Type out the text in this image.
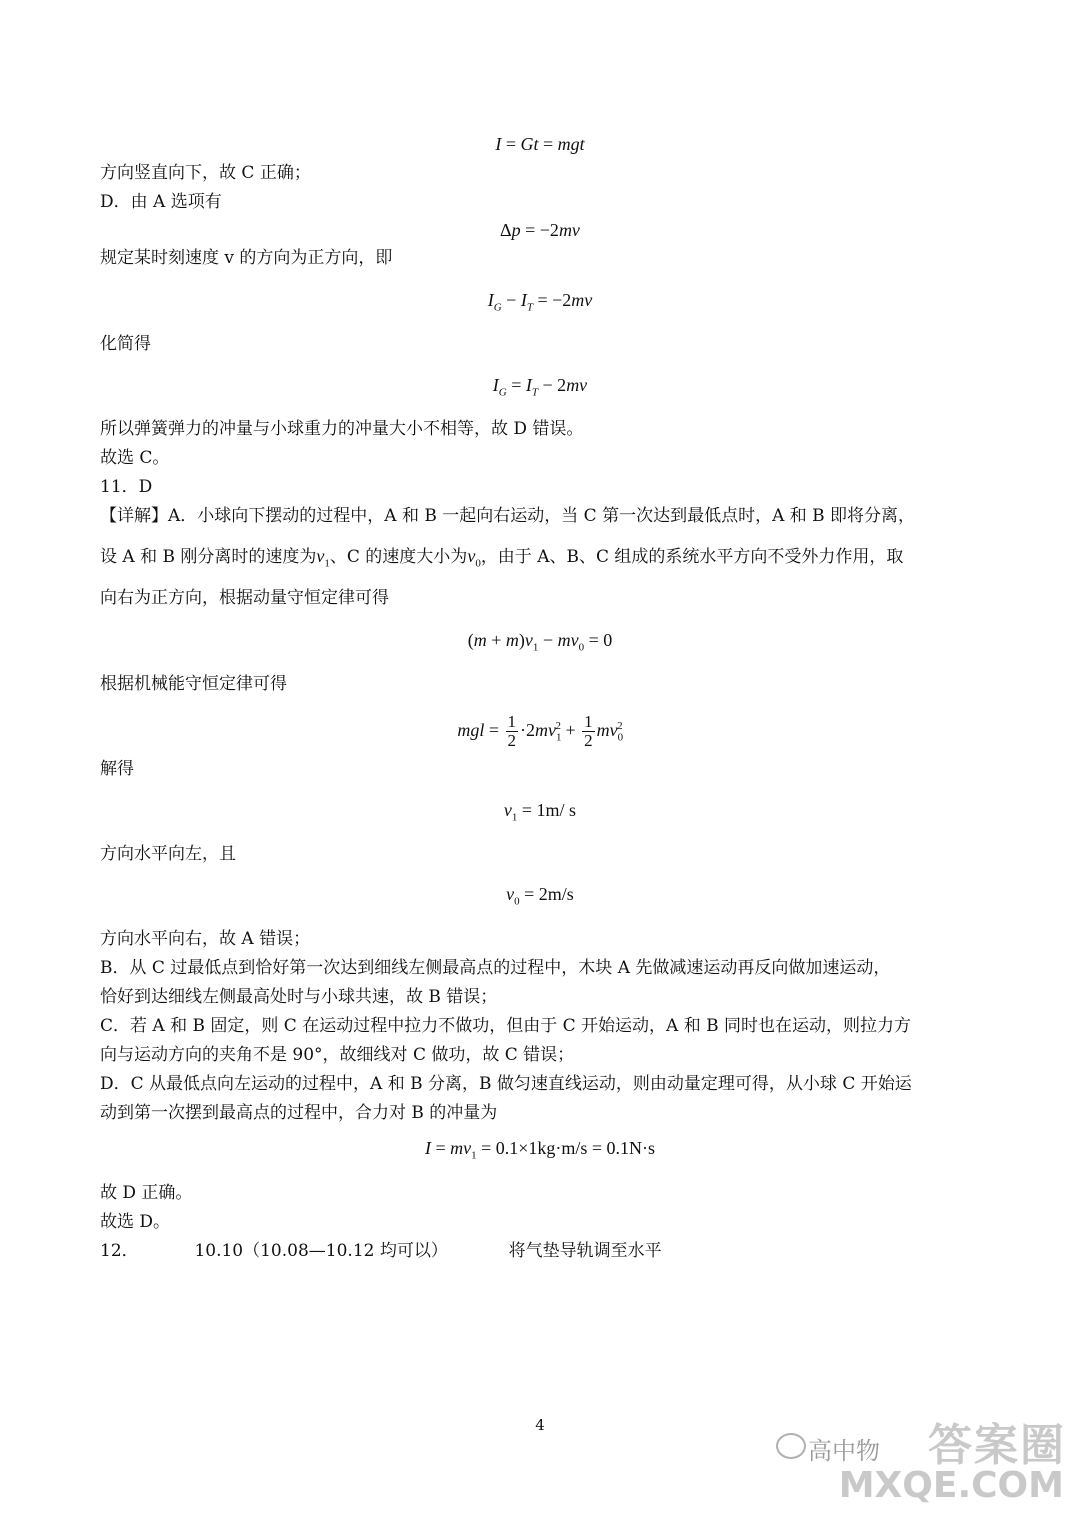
I = Gt = mgt
方向竖直向下，故 C 正确；
D．由 A 选项有
Δp = −2mv
规定某时刻速度 v 的方向为正方向，即
$I_G - I_T = -2mv$
化简得
$I_G = I_T - 2mv$
所以弹簧弹力的冲量与小球重力的冲量大小不相等，故 D 错误。
故选 C。
11．D
【详解】A．小球向下摆动的过程中，A 和 B 一起向右运动，当 C 第一次达到最低点时，A 和 B 即将分离，
设 A 和 B 刚分离时的速度为$v_1$、C 的速度大小为$v_0$，由于 A、B、C 组成的系统水平方向不受外力作用，取
向右为正方向，根据动量守恒定律可得
$(m + m)v_1 - mv_0 = 0$
根据机械能守恒定律可得
mgl = $\frac{1}{2} \cdot 2mv_1^2 + \frac{1}{2} mv_0^2$
解得
$v_1 = 1m/$ s
方向水平向左，且
$v_0 = 2m/s$
方向水平向右，故 A 错误；
B．从 C 过最低点到恰好第一次达到细线左侧最高点的过程中，木块 A 先做减速运动再反向做加速运动，
恰好到达细线左侧最高处时与小球共速，故 B 错误；
C．若 A 和 B 固定，则 C 在运动过程中拉力不做功，但由于 C 开始运动，A 和 B 同时也在运动，则拉力方
向与运动方向的夹角不是 90°，故细线对 C 做功，故 C 错误；
D．C 从最低点向左运动的过程中，A 和 B 分离，B 做匀速直线运动，则由动量定理可得，从小球 C 开始运
动到第一次摆到最高点的过程中，合力对 B 的冲量为
$I = mv_1 = 0.1\times 1kg\cdot m/s = 0.1N\cdot s$
故 D 正确。
故选 D。
12．	10.10（10.08—10.12 均可以）	将气垫导轨调至水平
4
高中物 答案圈
MXQE.COM
